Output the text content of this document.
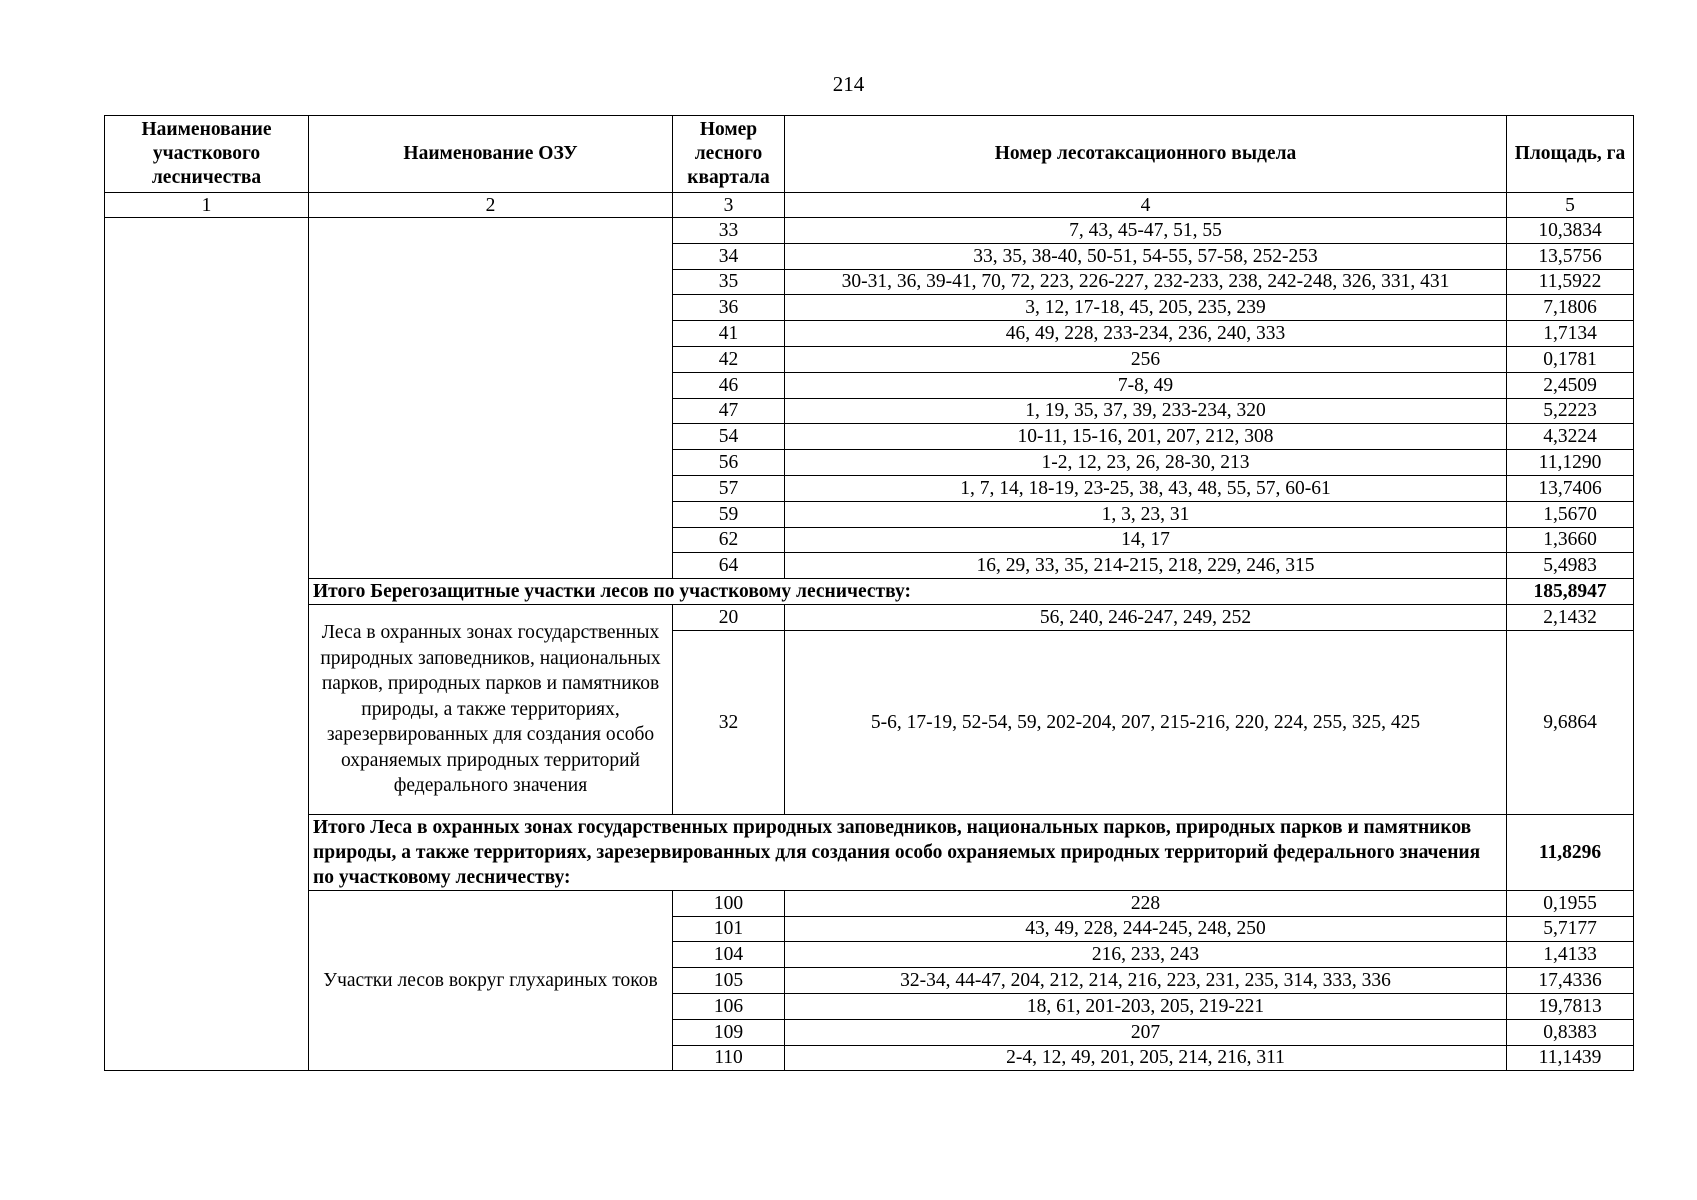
214
Наименование участкового лесничества	Наименование ОЗУ	Номер лесного квартала	Номер лесотаксационного выдела	Площадь, га
1	2	3	4	5
		33	7, 43, 45-47, 51, 55	10,3834
		34	33, 35, 38-40, 50-51, 54-55, 57-58, 252-253	13,5756
		35	30-31, 36, 39-41, 70, 72, 223, 226-227, 232-233, 238, 242-248, 326, 331, 431	11,5922
		36	3, 12, 17-18, 45, 205, 235, 239	7,1806
		41	46, 49, 228, 233-234, 236, 240, 333	1,7134
		42	256	0,1781
		46	7-8, 49	2,4509
		47	1, 19, 35, 37, 39, 233-234, 320	5,2223
		54	10-11, 15-16, 201, 207, 212, 308	4,3224
		56	1-2, 12, 23, 26, 28-30, 213	11,1290
		57	1, 7, 14, 18-19, 23-25, 38, 43, 48, 55, 57, 60-61	13,7406
		59	1, 3, 23, 31	1,5670
		62	14, 17	1,3660
		64	16, 29, 33, 35, 214-215, 218, 229, 246, 315	5,4983
	Итого Берегозащитные участки лесов по участковому лесничеству:			185,8947
	Леса в охранных зонах государственных природных заповедников, национальных парков, природных парков и памятников природы, а также территориях, зарезервированных для создания особо охраняемых природных территорий федерального значения	20	56, 240, 246-247, 249, 252	2,1432
		32	5-6, 17-19, 52-54, 59, 202-204, 207, 215-216, 220, 224, 255, 325, 425	9,6864
	Итого Леса в охранных зонах государственных природных заповедников, национальных парков, природных парков и памятников природы, а также территориях, зарезервированных для создания особо охраняемых природных территорий федерального значения по участковому лесничеству:			11,8296
	Участки лесов вокруг глухариных токов	100	228	0,1955
		101	43, 49, 228, 244-245, 248, 250	5,7177
		104	216, 233, 243	1,4133
		105	32-34, 44-47, 204, 212, 214, 216, 223, 231, 235, 314, 333, 336	17,4336
		106	18, 61, 201-203, 205, 219-221	19,7813
		109	207	0,8383
		110	2-4, 12, 49, 201, 205, 214, 216, 311	11,1439
